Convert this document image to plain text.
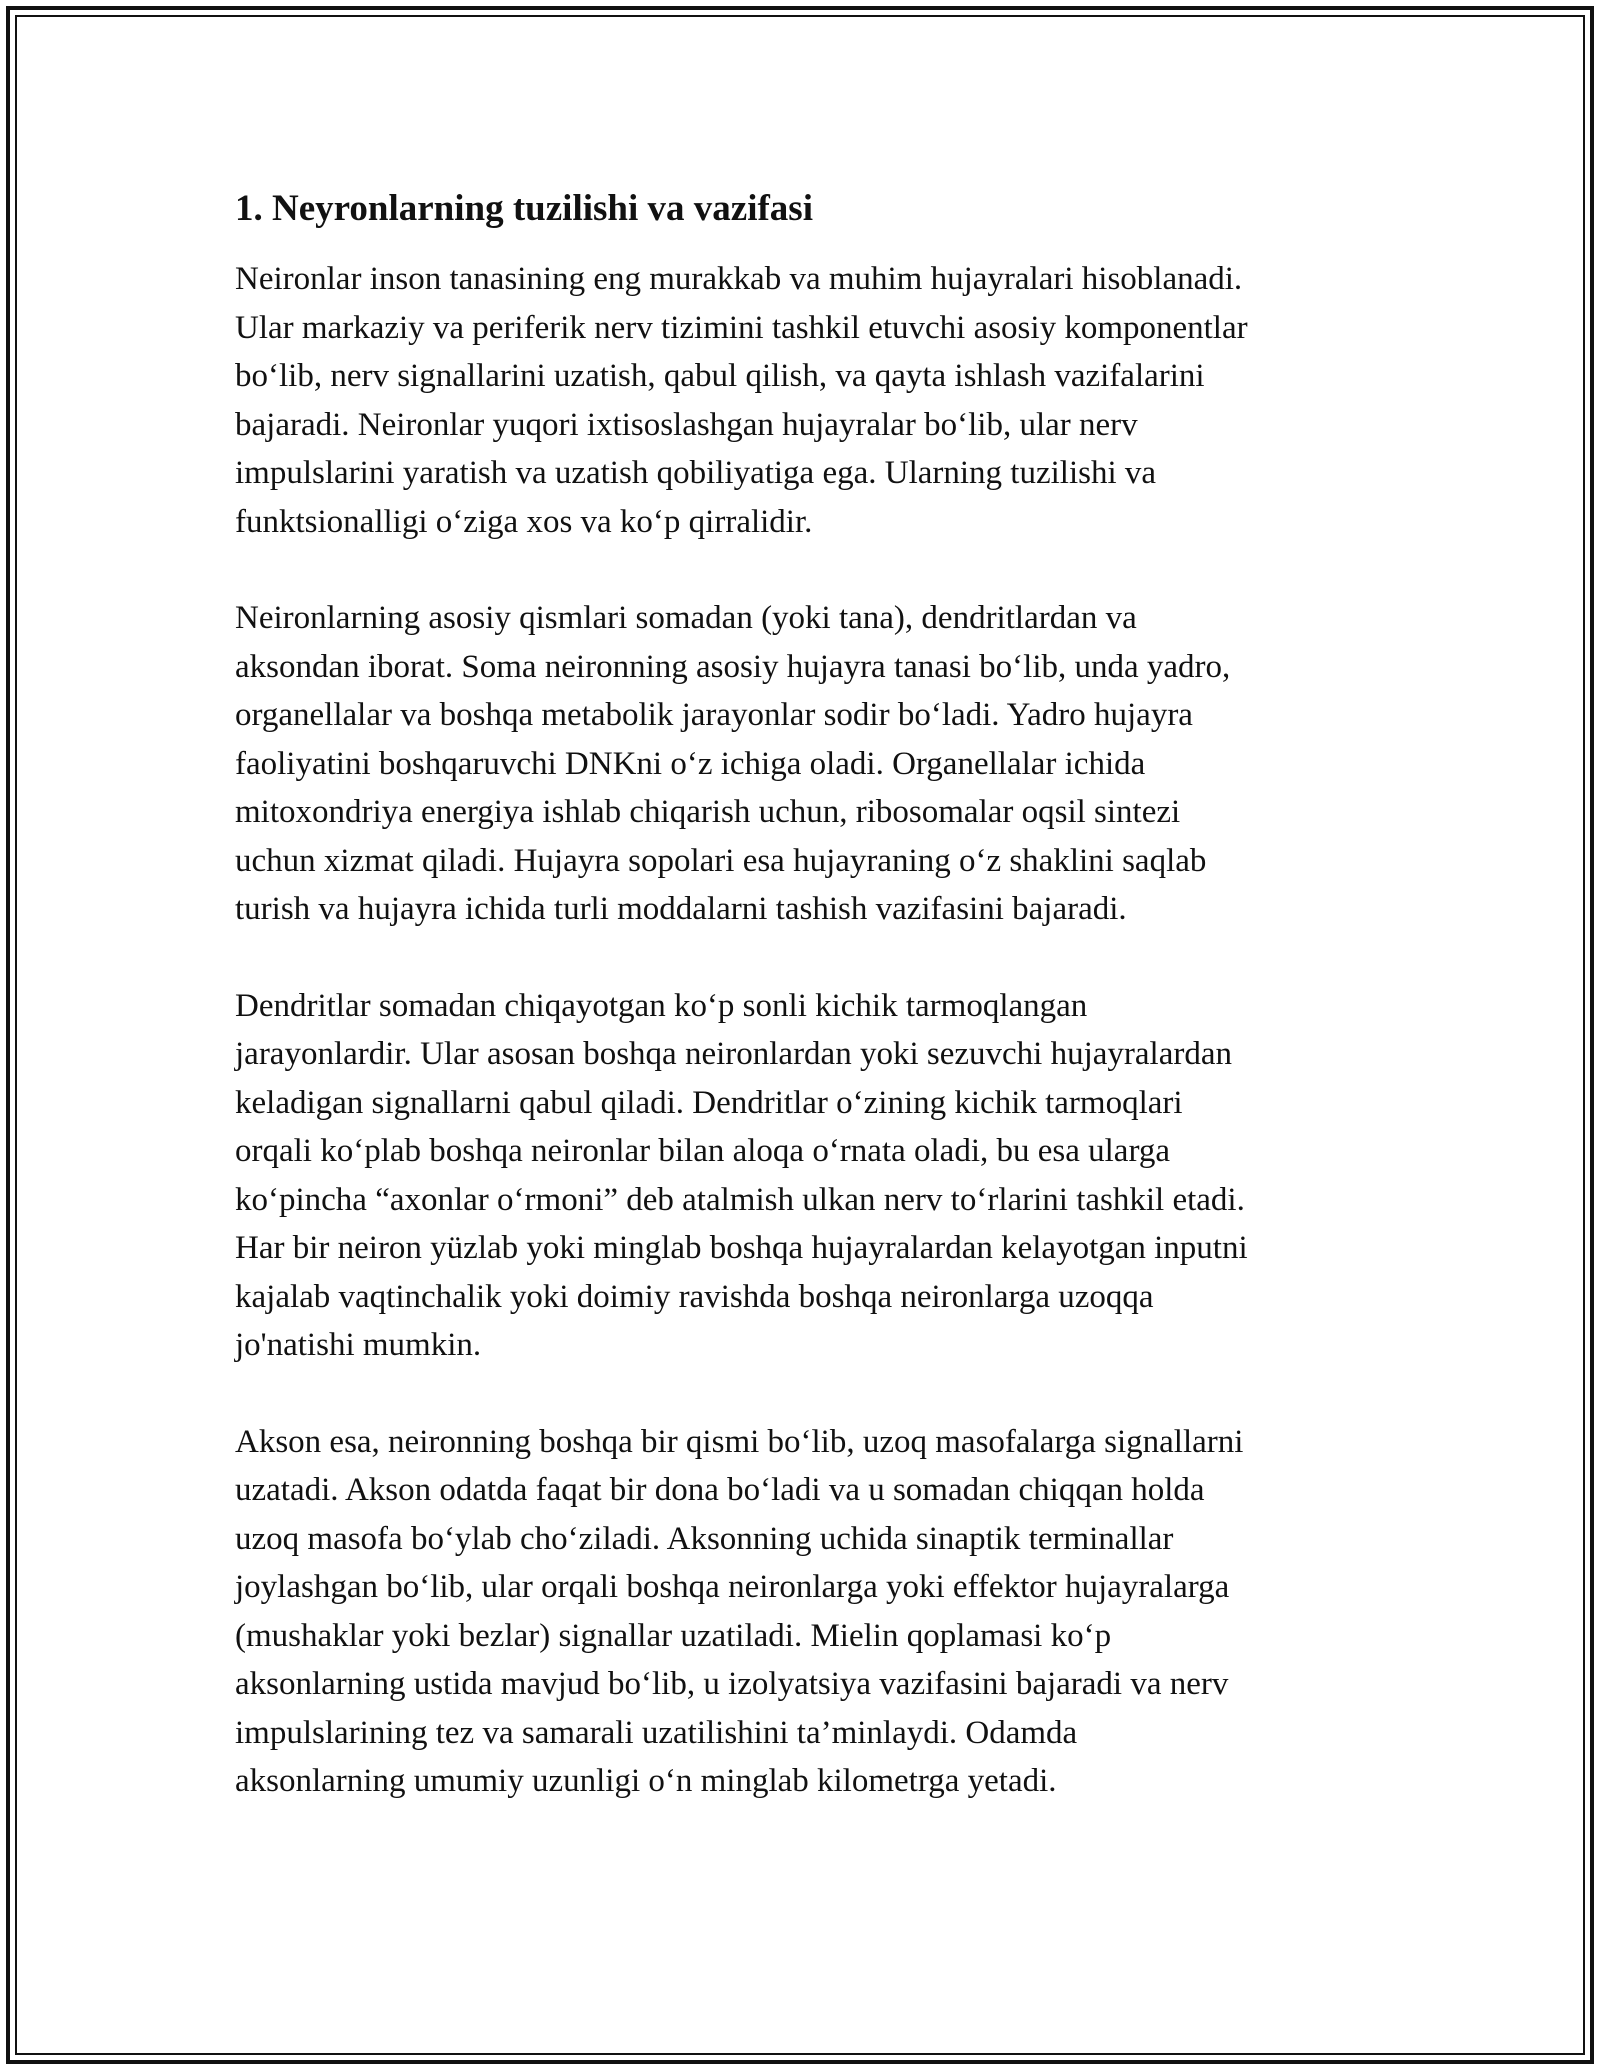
1. Neyronlarning tuzilishi va vazifasi

Neironlar inson tanasining eng murakkab va muhim hujayralari hisoblanadi.
Ular markaziy va periferik nerv tizimini tashkil etuvchi asosiy komponentlar
bo‘lib, nerv signallarini uzatish, qabul qilish, va qayta ishlash vazifalarini
bajaradi. Neironlar yuqori ixtisoslashgan hujayralar bo‘lib, ular nerv
impulslarini yaratish va uzatish qobiliyatiga ega. Ularning tuzilishi va
funktsionalligi o‘ziga xos va ko‘p qirralidir.

Neironlarning asosiy qismlari somadan (yoki tana), dendritlardan va
aksondan iborat. Soma neironning asosiy hujayra tanasi bo‘lib, unda yadro,
organellalar va boshqa metabolik jarayonlar sodir bo‘ladi. Yadro hujayra
faoliyatini boshqaruvchi DNKni o‘z ichiga oladi. Organellalar ichida
mitoxondriya energiya ishlab chiqarish uchun, ribosomalar oqsil sintezi
uchun xizmat qiladi. Hujayra sopolari esa hujayraning o‘z shaklini saqlab
turish va hujayra ichida turli moddalarni tashish vazifasini bajaradi.

Dendritlar somadan chiqayotgan ko‘p sonli kichik tarmoqlangan
jarayonlardir. Ular asosan boshqa neironlardan yoki sezuvchi hujayralardan
keladigan signallarni qabul qiladi. Dendritlar o‘zining kichik tarmoqlari
orqali ko‘plab boshqa neironlar bilan aloqa o‘rnata oladi, bu esa ularga
ko‘pincha “axonlar o‘rmoni” deb atalmish ulkan nerv to‘rlarini tashkil etadi.
Har bir neiron yüzlab yoki minglab boshqa hujayralardan kelayotgan inputni
kajalab vaqtinchalik yoki doimiy ravishda boshqa neironlarga uzoqqa
jo'natishi mumkin.

Akson esa, neironning boshqa bir qismi bo‘lib, uzoq masofalarga signallarni
uzatadi. Akson odatda faqat bir dona bo‘ladi va u somadan chiqqan holda
uzoq masofa bo‘ylab cho‘ziladi. Aksonning uchida sinaptik terminallar
joylashgan bo‘lib, ular orqali boshqa neironlarga yoki effektor hujayralarga
(mushaklar yoki bezlar) signallar uzatiladi. Mielin qoplamasi ko‘p
aksonlarning ustida mavjud bo‘lib, u izolyatsiya vazifasini bajaradi va nerv
impulslarining tez va samarali uzatilishini ta’minlaydi. Odamda
aksonlarning umumiy uzunligi o‘n minglab kilometrga yetadi.
